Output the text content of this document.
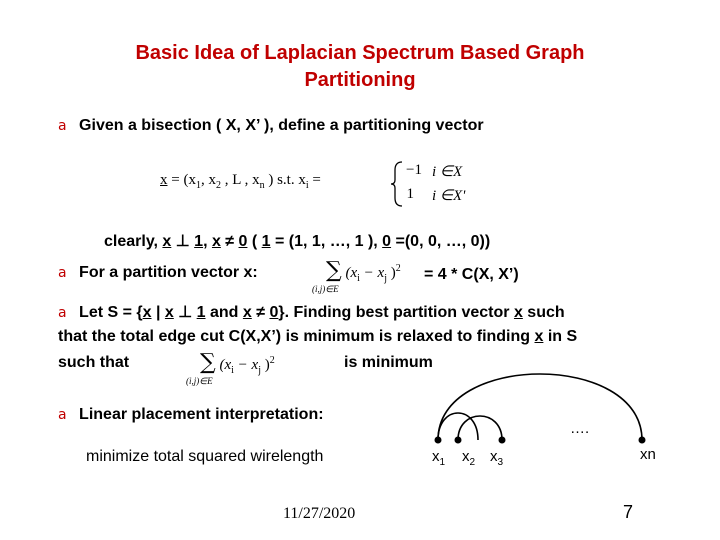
Basic Idea of Laplacian Spectrum Based Graph
Partitioning
a Given a bisection ( X, X’ ), define a partitioning vector
$x = (x_1$, $x_2$ , L , $x_n$ ) s.t. $x_i$ =
−1
1
i ∈X
i ∈X'
clearly, x ⊥ 1, x ≠ 0 ( 1 = (1, 1, …, 1 ), 0 =(0, 0, …, 0))
a For a partition vector x:	∑ ($x_i - x_j$ )$^2$
(i,j)∈E
= 4 * C(X, X’)
a Let S = {x | x ⊥ 1 and x ≠ 0}. Finding best partition vector x such
that the total edge cut C(X,X’) is minimum is relaxed to finding x in S
such that	∑ ($x_i - x_j$ )$^2$
(i,j)∈E
is minimum
a Linear placement interpretation:
minimize total squared wirelength
….
$x_1$ $x_2$ $x_3$	xn
11/27/2020	7
